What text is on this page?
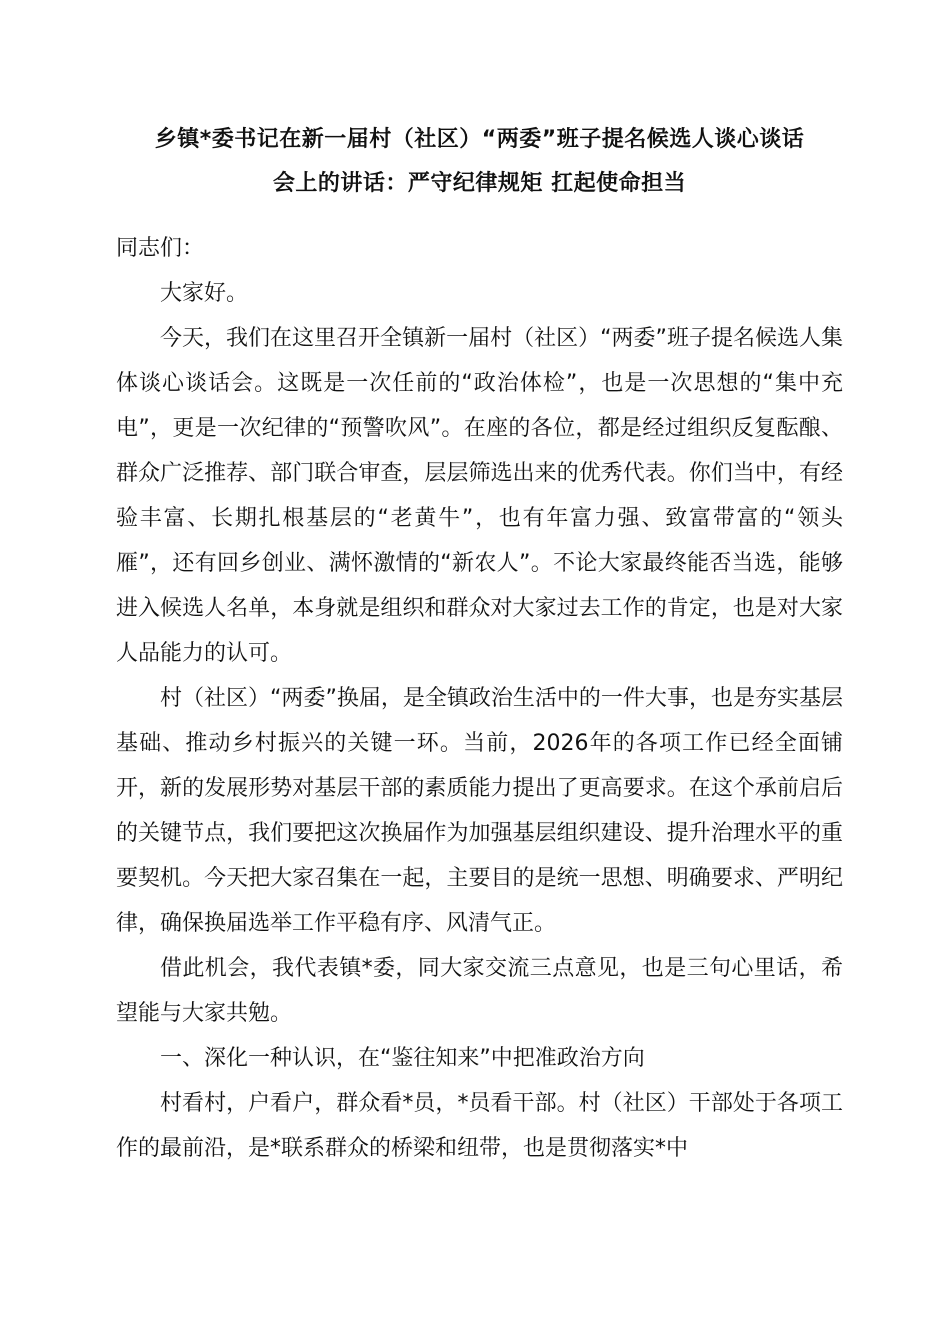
乡镇*委书记在新一届村（社区）“两委”班子提名候选人谈心谈话
会上的讲话：严守纪律规矩 扛起使命担当

同志们：

大家好。

今天，我们在这里召开全镇新一届村（社区）“两委”班子提名候选人集体谈心谈话会。这既是一次任前的“政治体检”，也是一次思想的“集中充电”，更是一次纪律的“预警吹风”。在座的各位，都是经过组织反复酝酿、群众广泛推荐、部门联合审查，层层筛选出来的优秀代表。你们当中，有经验丰富、长期扎根基层的“老黄牛”，也有年富力强、致富带富的“领头雁”，还有回乡创业、满怀激情的“新农人”。不论大家最终能否当选，能够进入候选人名单，本身就是组织和群众对大家过去工作的肯定，也是对大家人品能力的认可。

村（社区）“两委”换届，是全镇政治生活中的一件大事，也是夯实基层基础、推动乡村振兴的关键一环。当前，2026年的各项工作已经全面铺开，新的发展形势对基层干部的素质能力提出了更高要求。在这个承前启后的关键节点，我们要把这次换届作为加强基层组织建设、提升治理水平的重要契机。今天把大家召集在一起，主要目的是统一思想、明确要求、严明纪律，确保换届选举工作平稳有序、风清气正。

借此机会，我代表镇*委，同大家交流三点意见，也是三句心里话，希望能与大家共勉。

一、深化一种认识，在“鉴往知来”中把准政治方向

村看村，户看户，群众看*员，*员看干部。村（社区）干部处于各项工作的最前沿，是*联系群众的桥梁和纽带，也是贯彻落实*中
